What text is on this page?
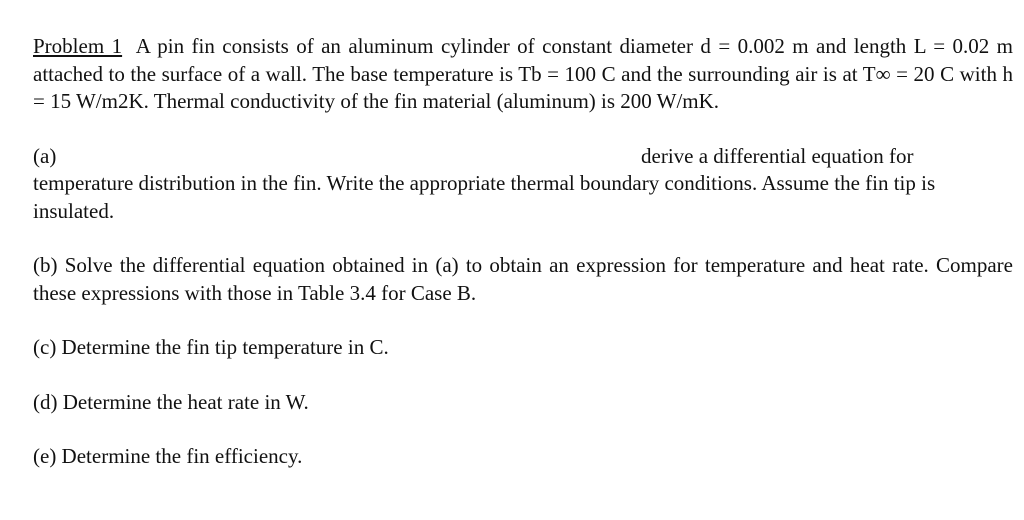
Problem 1 A pin fin consists of an aluminum cylinder of constant diameter d = 0.002 m and length L = 0.02 m attached to the surface of a wall. The base temperature is Tb = 100 C and the surrounding air is at T∞ = 20 C with h = 15 W/m2K. Thermal conductivity of the fin material (aluminum) is 200 W/mK.

(a)	derive a differential equation for
temperature distribution in the fin. Write the appropriate thermal boundary conditions. Assume the fin tip is insulated.

(b) Solve the differential equation obtained in (a) to obtain an expression for temperature and heat rate. Compare these expressions with those in Table 3.4 for Case B.

(c) Determine the fin tip temperature in C.

(d) Determine the heat rate in W.

(e) Determine the fin efficiency.
